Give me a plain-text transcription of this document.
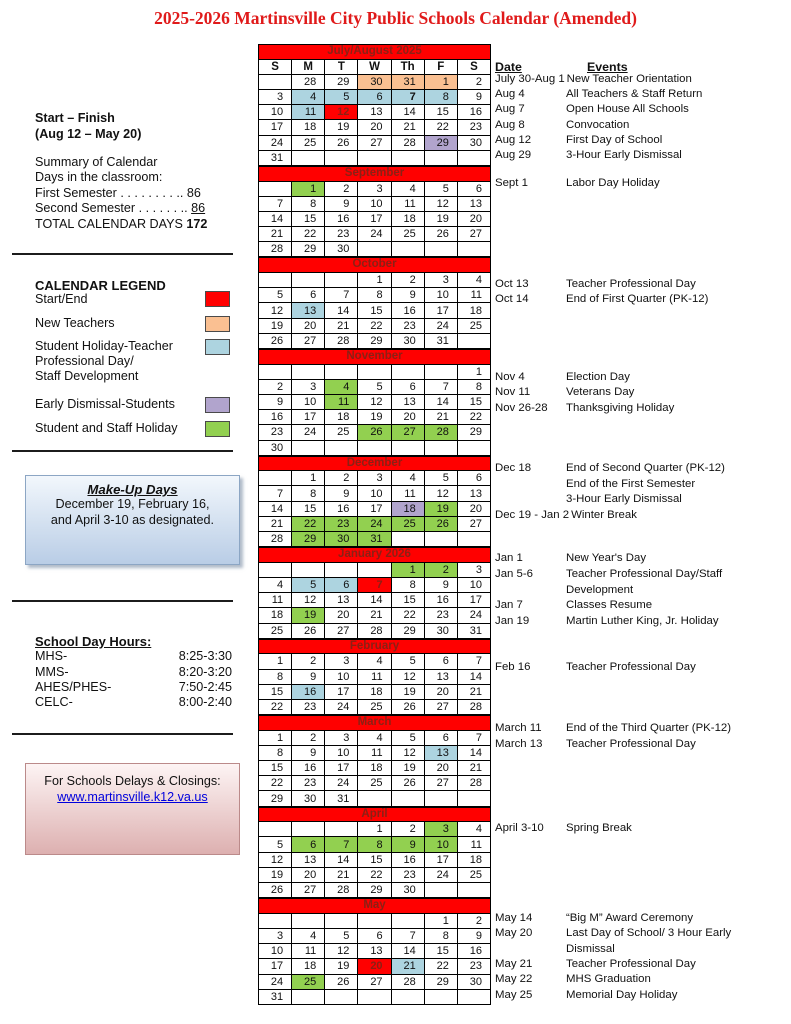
2025-2026 Martinsville City Public Schools Calendar (Amended)
Start – Finish
(Aug 12 – May 20)
Summary of Calendar
Days in the classroom:
First Semester . . . . . . . . .. 86
Second Semester . . . . . . .. 86
TOTAL CALENDAR DAYS 172
CALENDAR LEGEND
Start/End
New Teachers
Student Holiday-Teacher
Professional Day/
Staff Development
Early Dismissal-Students
Student and Staff Holiday
Make-Up Days
December 19, February 16,
and April 3-10 as designated.
School Day Hours:
MHS-	8:25-3:30
MMS-	8:20-3:20
AHES/PHES-	7:50-2:45
CELC-	8:00-2:40
For Schools Delays & Closings:
www.martinsville.k12.va.us
July/August 2025
S	M	T	W	Th	F	S
	28	29	30	31	1	2
3	4	5	6	7	8	9
10	11	12	13	14	15	16
17	18	19	20	21	22	23
24	25	26	27	28	29	30
31						
September
	1	2	3	4	5	6
7	8	9	10	11	12	13
14	15	16	17	18	19	20
21	22	23	24	25	26	27
28	29	30				
October
			1	2	3	4
5	6	7	8	9	10	11
12	13	14	15	16	17	18
19	20	21	22	23	24	25
26	27	28	29	30	31	
November
						1
2	3	4	5	6	7	8
9	10	11	12	13	14	15
16	17	18	19	20	21	22
23	24	25	26	27	28	29
30						
December
	1	2	3	4	5	6
7	8	9	10	11	12	13
14	15	16	17	18	19	20
21	22	23	24	25	26	27
28	29	30	31			
January 2026
				1	2	3
4	5	6	7	8	9	10
11	12	13	14	15	16	17
18	19	20	21	22	23	24
25	26	27	28	29	30	31
February
1	2	3	4	5	6	7
8	9	10	11	12	13	14
15	16	17	18	19	20	21
22	23	24	25	26	27	28
March
1	2	3	4	5	6	7
8	9	10	11	12	13	14
15	16	17	18	19	20	21
22	23	24	25	26	27	28
29	30	31				
April
			1	2	3	4
5	6	7	8	9	10	11
12	13	14	15	16	17	18
19	20	21	22	23	24	25
26	27	28	29	30		
May
					1	2
3	4	5	6	7	8	9
10	11	12	13	14	15	16
17	18	19	20	21	22	23
24	25	26	27	28	29	30
31						
Date	Events
July 30-Aug 1 New Teacher Orientation
Aug 4	All Teachers & Staff Return
Aug 7	Open House All Schools
Aug 8	Convocation
Aug 12	First Day of School
Aug 29	3-Hour Early Dismissal
Sept 1	Labor Day Holiday
Oct 13	Teacher Professional Day
Oct 14	End of First Quarter (PK-12)
Nov 4	Election Day
Nov 11	Veterans Day
Nov 26-28	Thanksgiving Holiday
Dec 18	End of Second Quarter (PK-12)
End of the First Semester
3-Hour Early Dismissal
Dec 19 - Jan 2 Winter Break
Jan 1	New Year's Day
Jan 5-6	Teacher Professional Day/Staff
Development
Jan 7	Classes Resume
Jan 19	Martin Luther King, Jr. Holiday
Feb 16	Teacher Professional Day
March 11	End of the Third Quarter (PK-12)
March 13	Teacher Professional Day
April 3-10	Spring Break
May 14	“Big M” Award Ceremony
May 20	Last Day of School/ 3 Hour Early
Dismissal
May 21	Teacher Professional Day
May 22	MHS Graduation
May 25	Memorial Day Holiday
